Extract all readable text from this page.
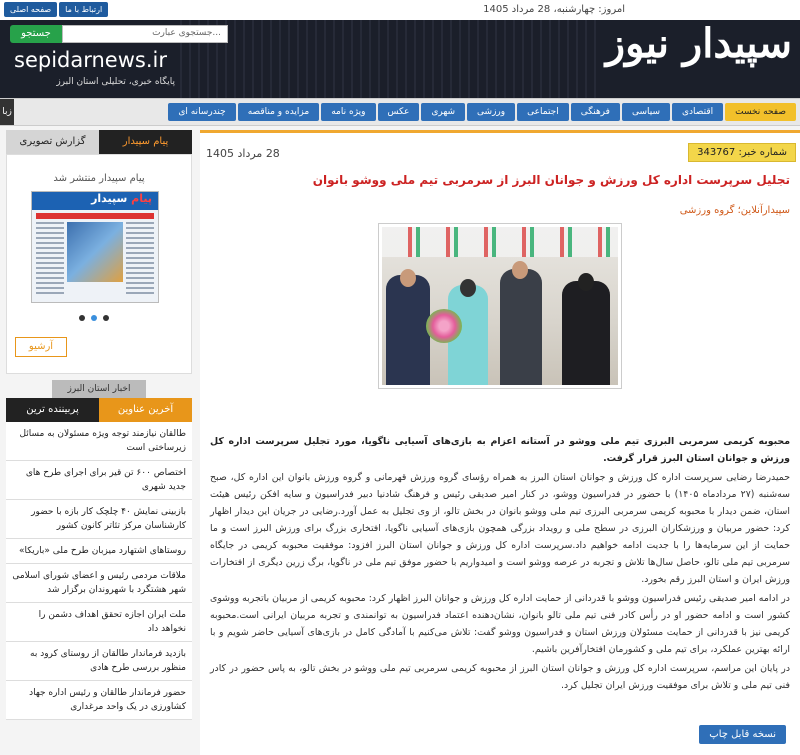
صفحه اصلی	ارتباط با ما	امروز: چهارشنبه، 28 مرداد 1405
جستجو	جستجوی عبارت...
sepidarnews.ir
پایگاه خبری، تحلیلی استان البرز
سپیدار نیوز
زبا	صفحه نخست
اقتصادی
سیاسی
فرهنگی
اجتماعی
ورزشی
شهری
عکس
ویژه نامه
مزایده و مناقصه
چندرسانه ای
گزارش تصویری	پیام سپیدار
پیام سپیدار منتشر شد
پیام سپیدار
آرشیو
اخبار استان البرز
پربیننده ترین	آخرین عناوین
طالقان نیازمند توجه ویژه مسئولان به مسائل زیرساختی است
اختصاص ۶۰۰ تن قیر برای اجرای طرح های جدید شهری
بازبینی نمایش ۴۰ چلچک کار بازه با حضور کارشناسان مرکز تئاتر کانون کشور
روستاهای اشتهارد میزبان طرح ملی «باریکا»
ملاقات مردمی رئیس و اعضای شورای اسلامی شهر هشتگرد با شهروندان برگزار شد
ملت ایران اجازه تحقق اهداف دشمن را نخواهد داد
بازدید فرماندار طالقان از روستای کرود به منظور بررسی طرح هادی
حضور فرماندار طالقان و رئیس اداره جهاد کشاورزی در یک واحد مرغداری
شماره خبر: 343767
28 مرداد 1405
تجلیل سرپرست اداره کل ورزش و جوانان البرز از سرمربی تیم ملی ووشو بانوان
سپیدارآنلاین؛ گروه ورزشی

محبوبه کریمی سرمربی البرزی تیم ملی ووشو در آستانه اعزام به بازی‌های آسیایی ناگویا، مورد تجلیل سرپرست اداره کل ورزش و جوانان استان البرز قرار گرفت.

حمیدرضا رضایی سرپرست اداره کل ورزش و جوانان استان البرز به همراه رؤسای گروه ورزش قهرمانی و گروه ورزش بانوان این اداره کل، صبح سه‌شنبه (۲۷ مردادماه ۱۴۰۵) با حضور در فدراسیون ووشو، در کنار امیر صدیقی رئیس و فرهنگ شادنیا دبیر فدراسیون و سایه افکن رئیس هیئت استان، ضمن دیدار با محبوبه کریمی سرمربی البرزی تیم ملی ووشو بانوان در بخش تالو، از وی تجلیل به عمل آورد.رضایی در جریان این دیدار اظهار کرد: حضور مربیان و ورزشکاران البرزی در سطح ملی و رویداد بزرگی همچون بازی‌های آسیایی ناگویا، افتخاری بزرگ برای ورزش البرز است و ما حمایت از این سرمایه‌ها را با جدیت ادامه خواهیم داد.سرپرست اداره کل ورزش و جوانان استان البرز افزود: موفقیت محبوبه کریمی در جایگاه سرمربی تیم ملی تالو، حاصل سال‌ها تلاش و تجربه در عرصه ووشو است و امیدواریم با حضور موفق تیم ملی در ناگویا، برگ زرین دیگری از افتخارات ورزش ایران و استان البرز رقم بخورد.

در ادامه امیر صدیقی رئیس فدراسیون ووشو با قدردانی از حمایت اداره کل ورزش و جوانان البرز اظهار کرد: محبوبه کریمی از مربیان باتجربه ووشوی کشور است و ادامه حضور او در رأس کادر فنی تیم ملی تالو بانوان، نشان‌دهنده اعتماد فدراسیون به توانمندی و تجربه مربیان ایرانی است.محبوبه کریمی نیز با قدردانی از حمایت مسئولان ورزش استان و فدراسیون ووشو گفت: تلاش می‌کنیم با آمادگی کامل در بازی‌های آسیایی حاضر شویم و با ارائه بهترین عملکرد، برای تیم ملی و کشورمان افتخارآفرین باشیم.

در پایان این مراسم، سرپرست اداره کل ورزش و جوانان استان البرز از محبوبه کریمی سرمربی تیم ملی ووشو در بخش تالو، به پاس حضور در کادر فنی تیم ملی و تلاش برای موفقیت ورزش ایران تجلیل کرد.

نسخه قابل چاپ
